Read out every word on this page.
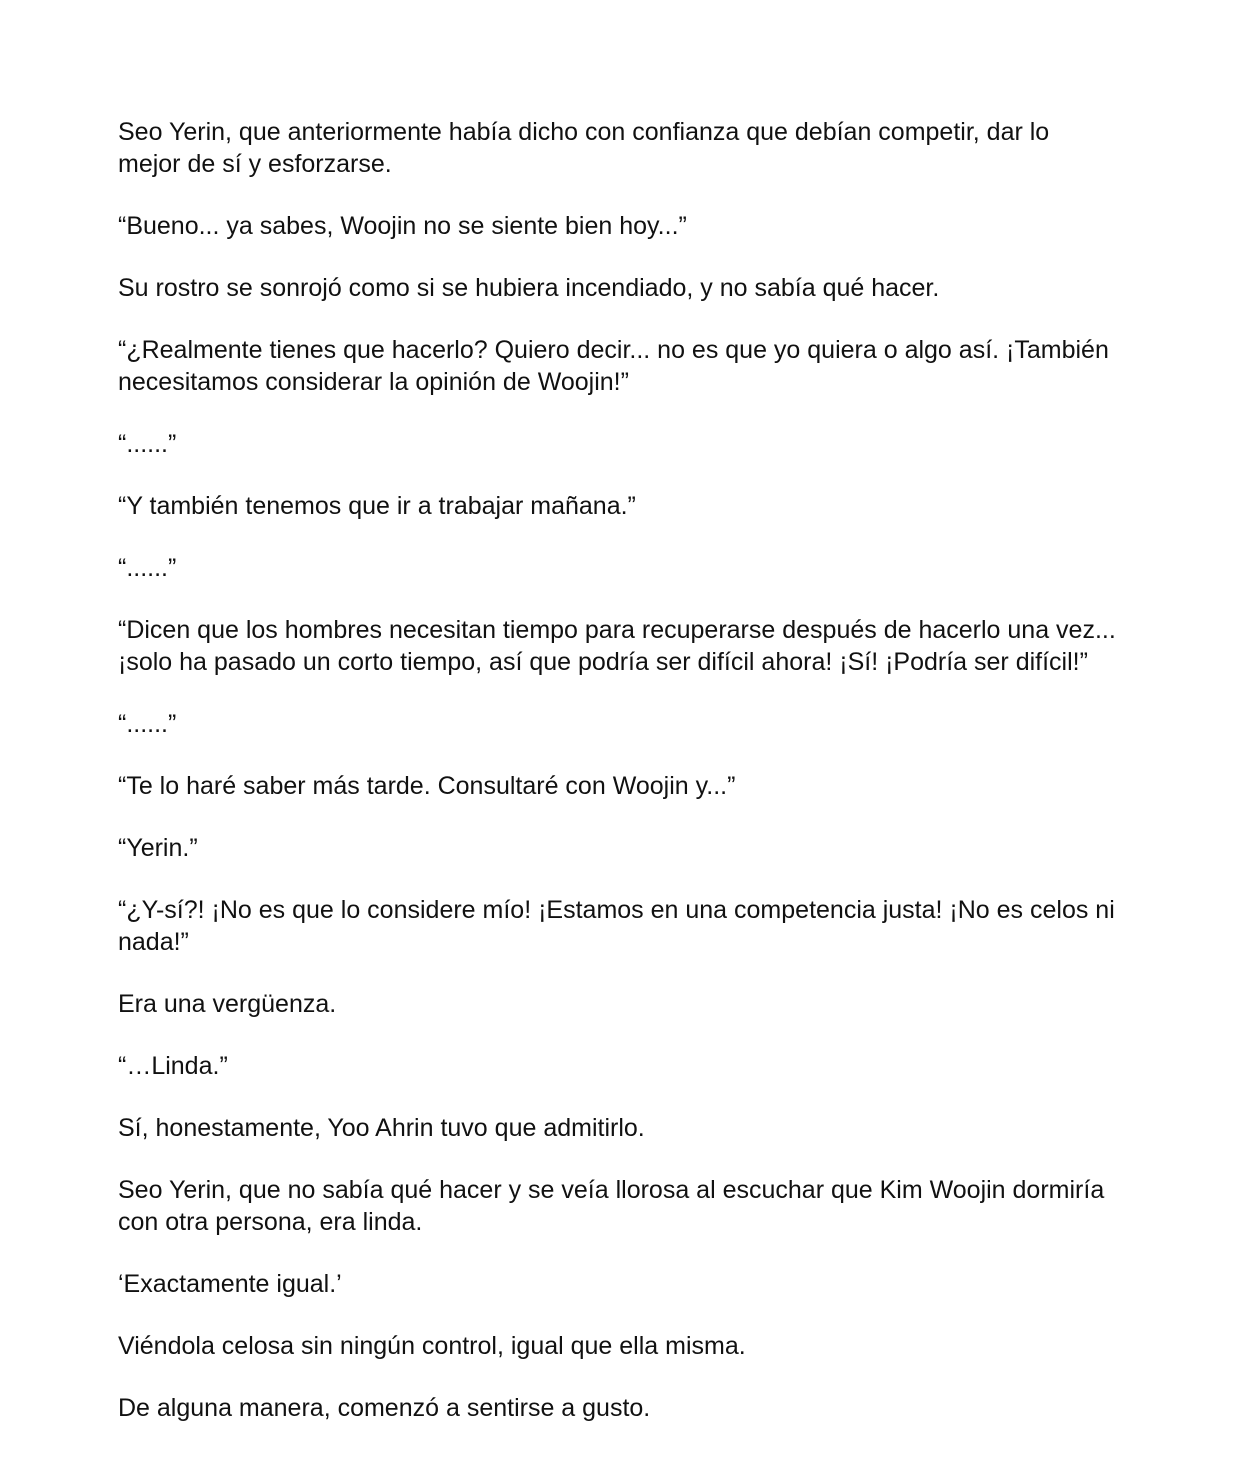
Seo Yerin, que anteriormente había dicho con confianza que debían competir, dar lo mejor de sí y esforzarse.

“Bueno... ya sabes, Woojin no se siente bien hoy...”

Su rostro se sonrojó como si se hubiera incendiado, y no sabía qué hacer.

“¿Realmente tienes que hacerlo? Quiero decir... no es que yo quiera o algo así. ¡También necesitamos considerar la opinión de Woojin!”

“......”

“Y también tenemos que ir a trabajar mañana.”

“......”

“Dicen que los hombres necesitan tiempo para recuperarse después de hacerlo una vez... ¡solo ha pasado un corto tiempo, así que podría ser difícil ahora! ¡Sí! ¡Podría ser difícil!”

“......”

“Te lo haré saber más tarde. Consultaré con Woojin y...”

“Yerin.”

“¿Y-sí?! ¡No es que lo considere mío! ¡Estamos en una competencia justa! ¡No es celos ni nada!”

Era una vergüenza.

“…Linda.”

Sí, honestamente, Yoo Ahrin tuvo que admitirlo.

Seo Yerin, que no sabía qué hacer y se veía llorosa al escuchar que Kim Woojin dormiría con otra persona, era linda.

‘Exactamente igual.’

Viéndola celosa sin ningún control, igual que ella misma.

De alguna manera, comenzó a sentirse a gusto.
